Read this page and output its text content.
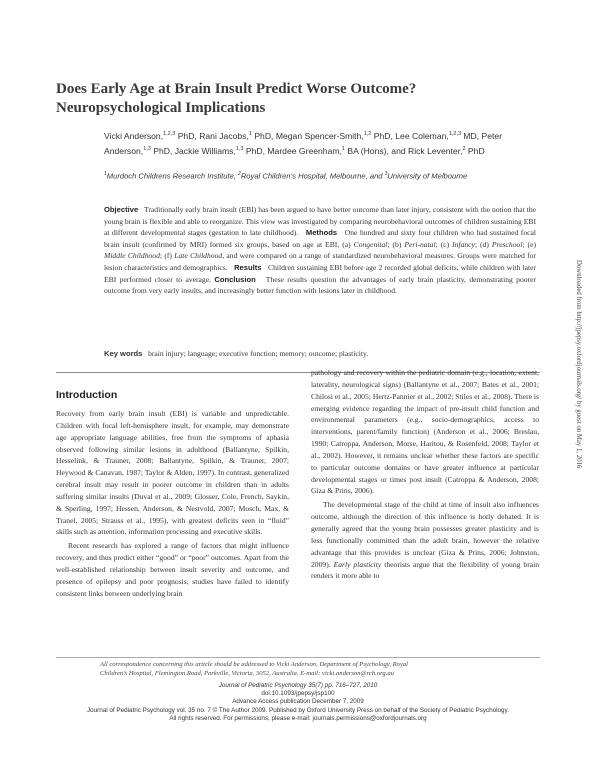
Does Early Age at Brain Insult Predict Worse Outcome?
Neuropsychological Implications
Vicki Anderson,$^{1,2,3}$ PhD, Rani Jacobs,$^1$ PhD, Megan Spencer-Smith,$^{1,2}$ PhD, Lee Coleman,$^{1,2,3}$ MD, Peter Anderson,$^{1,3}$ PhD, Jackie Williams,$^{1,3}$ PhD, Mardee Greenham,$^1$ BA (Hons), and Rick Leventer,$^2$ PhD
$^1$Murdoch Childrens Research Institute, $^2$Royal Children’s Hospital, Melbourne, and $^3$University of Melbourne
Objective Traditionally early brain insult (EBI) has been argued to have better outcome than later injury, consistent with the notion that the young brain is flexible and able to reorganize. This view was investigated by comparing neurobehavioral outcomes of children sustaining EBI at different developmental stages (gestation to late childhood). Methods One hundred and sixty four children who had sustained focal brain insult (confirmed by MRI) formed six groups, based on age at EBI, (a) Congenital; (b) Peri-natal; (c) Infancy; (d) Preschool; (e) Middle Childhood; (f) Late Childhood, and were compared on a range of standardized neurobehavioral measures. Groups were matched for lesion characteristics and demographics. Results Children sustaining EBI before age 2 recorded global deficits, while children with later EBI performed closer to average. Conclusion These results question the advantages of early brain plasticity, demonstrating poorer outcome from very early insults, and increasingly better function with lesions later in childhood.
Key words brain injury; language; executive function; memory; outcome; plasticity.
Introduction

Recovery from early brain insult (EBI) is variable and unpredictable. Children with focal left-hemisphere insult, for example, may demonstrate age appropriate language abilities, free from the symptoms of aphasia observed following similar lesions in adulthood (Ballantyne, Spilkin, Hesselink, & Trauner, 2008; Ballantyne, Spilkin, & Trauner, 2007; Heywood & Canavan, 1987; Taylor & Alden, 1997). In contrast, generalized cerebral insult may result in poorer outcome in children than in adults suffering similar insults (Duval et al., 2009; Glosser, Cole, French, Saykin, & Sperling, 1997; Hessen, Anderson, & Nestvold, 2007; Mosch, Max, & Tranel, 2005; Strauss et al., 1995), with greatest deficits seen in “fluid” skills such as attention, information processing and executive skills.

Recent research has explored a range of factors that might influence recovery, and thus predict either “good” or “poor” outcomes. Apart from the well-established relationship between insult severity and outcome, and presence of epilepsy and poor prognosis, studies have failed to identify consistent links between underlying brain

pathology and recovery within the pediatric domain (e.g., location, extent, laterality, neurological signs) (Ballantyne et al., 2007; Bates et al., 2001; Chilosi et al., 2005; Hertz-Pannier et al., 2002; Stiles et al., 2008). There is emerging evidence regarding the impact of pre-insult child function and environmental parameters (e.g., socio-demographics, access to interventions, parent/family function) (Anderson et al., 2006; Breslau, 1990; Catroppa, Anderson, Morse, Haritou, & Rosenfeld, 2008; Taylor et al., 2002). However, it remains unclear whether these factors are specific to particular outcome domains or have greater influence at particular developmental stages or times post insult (Catroppa & Anderson, 2008; Giza & Prins, 2006).

The developmental stage of the child at time of insult also influences outcome, although the direction of this influence is hotly debated. It is generally agreed that the young brain possesses greater plasticity and is less functionally committed than the adult brain, however the relative advantage that this provides is unclear (Giza & Prins, 2006; Johnston, 2009). Early plasticity theorists argue that the flexibility of young brain renders it more able to

All correspondence concerning this article should be addressed to Vicki Anderson, Department of Psychology, Royal
Children’s Hospital, Flemington Road, Parkville, Victoria, 3052, Australia. E-mail: vicki.anderson@rch.org.au
Journal of Pediatric Psychology 35(7) pp. 716–727, 2010
doi:10.1093/jpepsy/jsp100
Advance Access publication December 7, 2009
Journal of Pediatric Psychology vol. 35 no. 7 © The Author 2009. Published by Oxford University Press on behalf of the Society of Pediatric Psychology.
All rights reserved. For permissions, please e-mail: journals.permissions@oxfordjournals.org
Downloaded from http://jpepsy.oxfordjournals.org/ by guest on May 1, 2016
